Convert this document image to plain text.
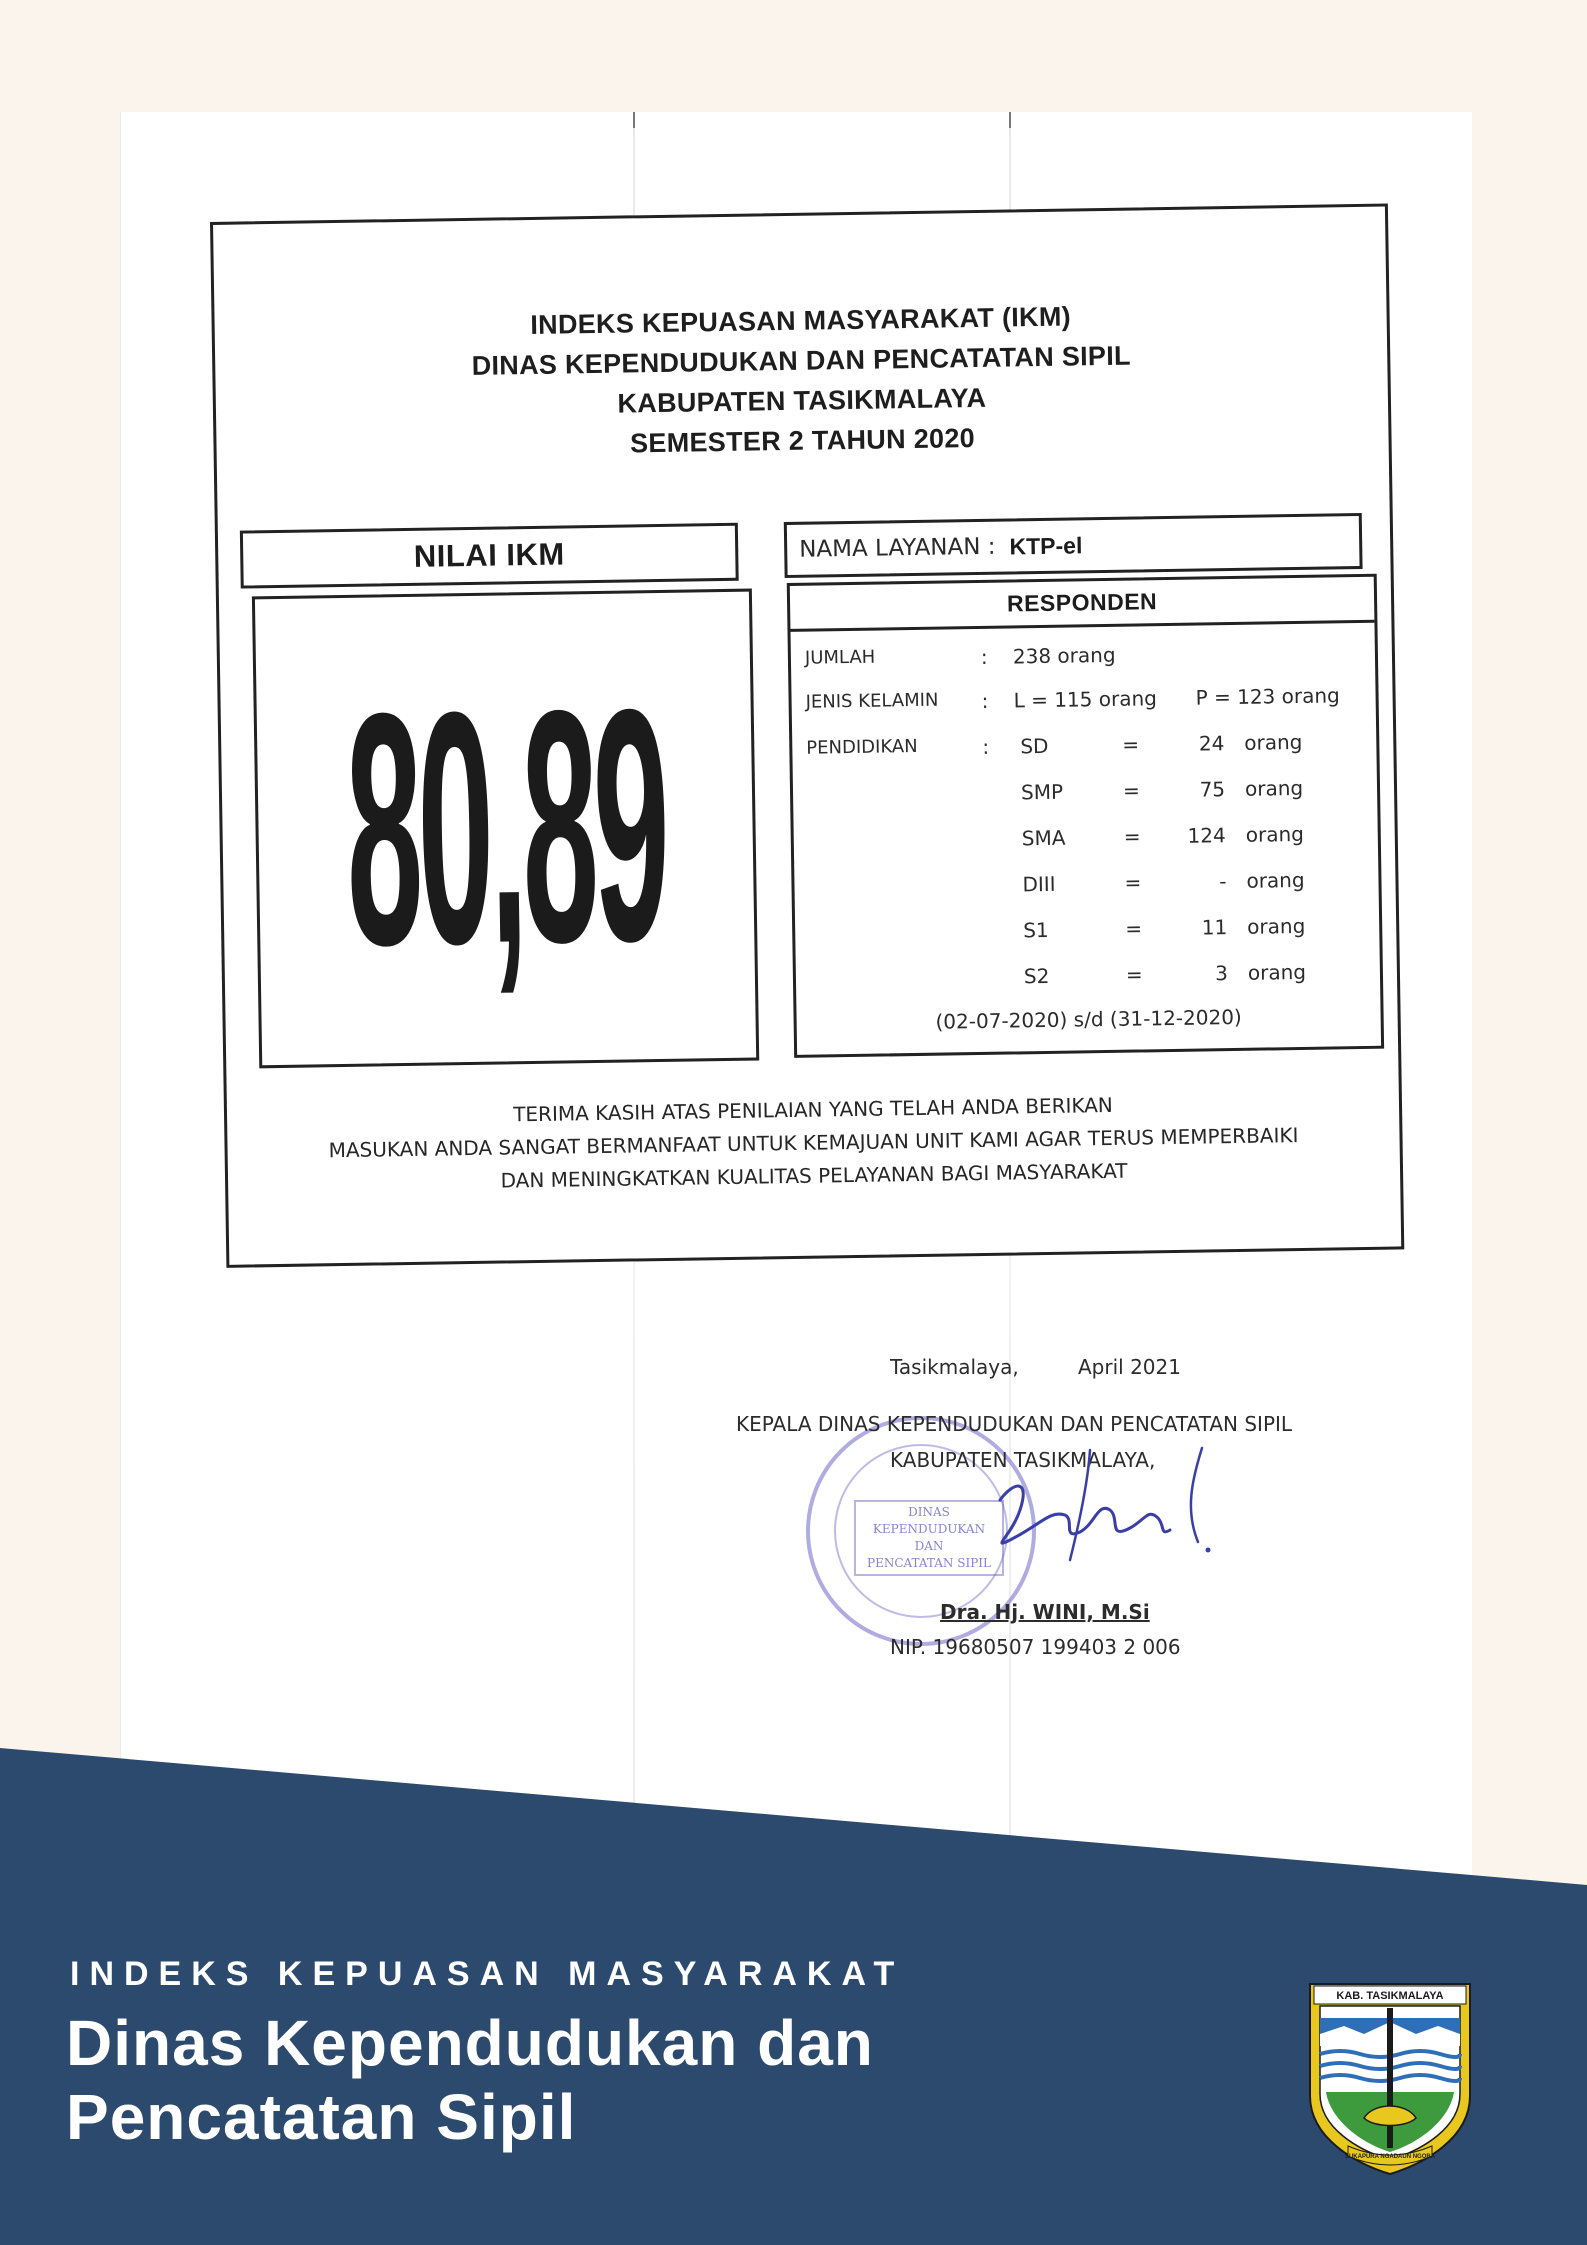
INDEKS KEPUASAN MASYARAKAT (IKM)
DINAS KEPENDUDUKAN DAN PENCATATAN SIPIL
KABUPATEN TASIKMALAYA
SEMESTER 2 TAHUN 2020
NILAI IKM
80,89
NAMA LAYANAN : KTP-el
RESPONDEN
JUMLAH	: 238 orang
JENIS KELAMIN : L = 115 orang P = 123 orang
PENDIDIKAN	: SD	=	24 orang
SMP	=	75 orang
SMA	=	124 orang
DIII	=	- orang
S1	=	11 orang
S2	=	3 orang
(02-07-2020) s/d (31-12-2020)
TERIMA KASIH ATAS PENILAIAN YANG TELAH ANDA BERIKAN
MASUKAN ANDA SANGAT BERMANFAAT UNTUK KEMAJUAN UNIT KAMI AGAR TERUS MEMPERBAIKI
DAN MENINGKATKAN KUALITAS PELAYANAN BAGI MASYARAKAT
DINAS KEPENDUDUKAN
DAN
PENCATATAN SIPIL
Tasikmalaya,	April 2021
KEPALA DINAS KEPENDUDUKAN DAN PENCATATAN SIPIL
KABUPATEN TASIKMALAYA,
Dra. Hj. WINI, M.Si
NIP. 19680507 199403 2 006
INDEKS KEPUASAN MASYARAKAT
Dinas Kependudukan dan
Pencatatan Sipil
KAB. TASIKMALAYA
SUKAPURA NGADAUN NGORA
